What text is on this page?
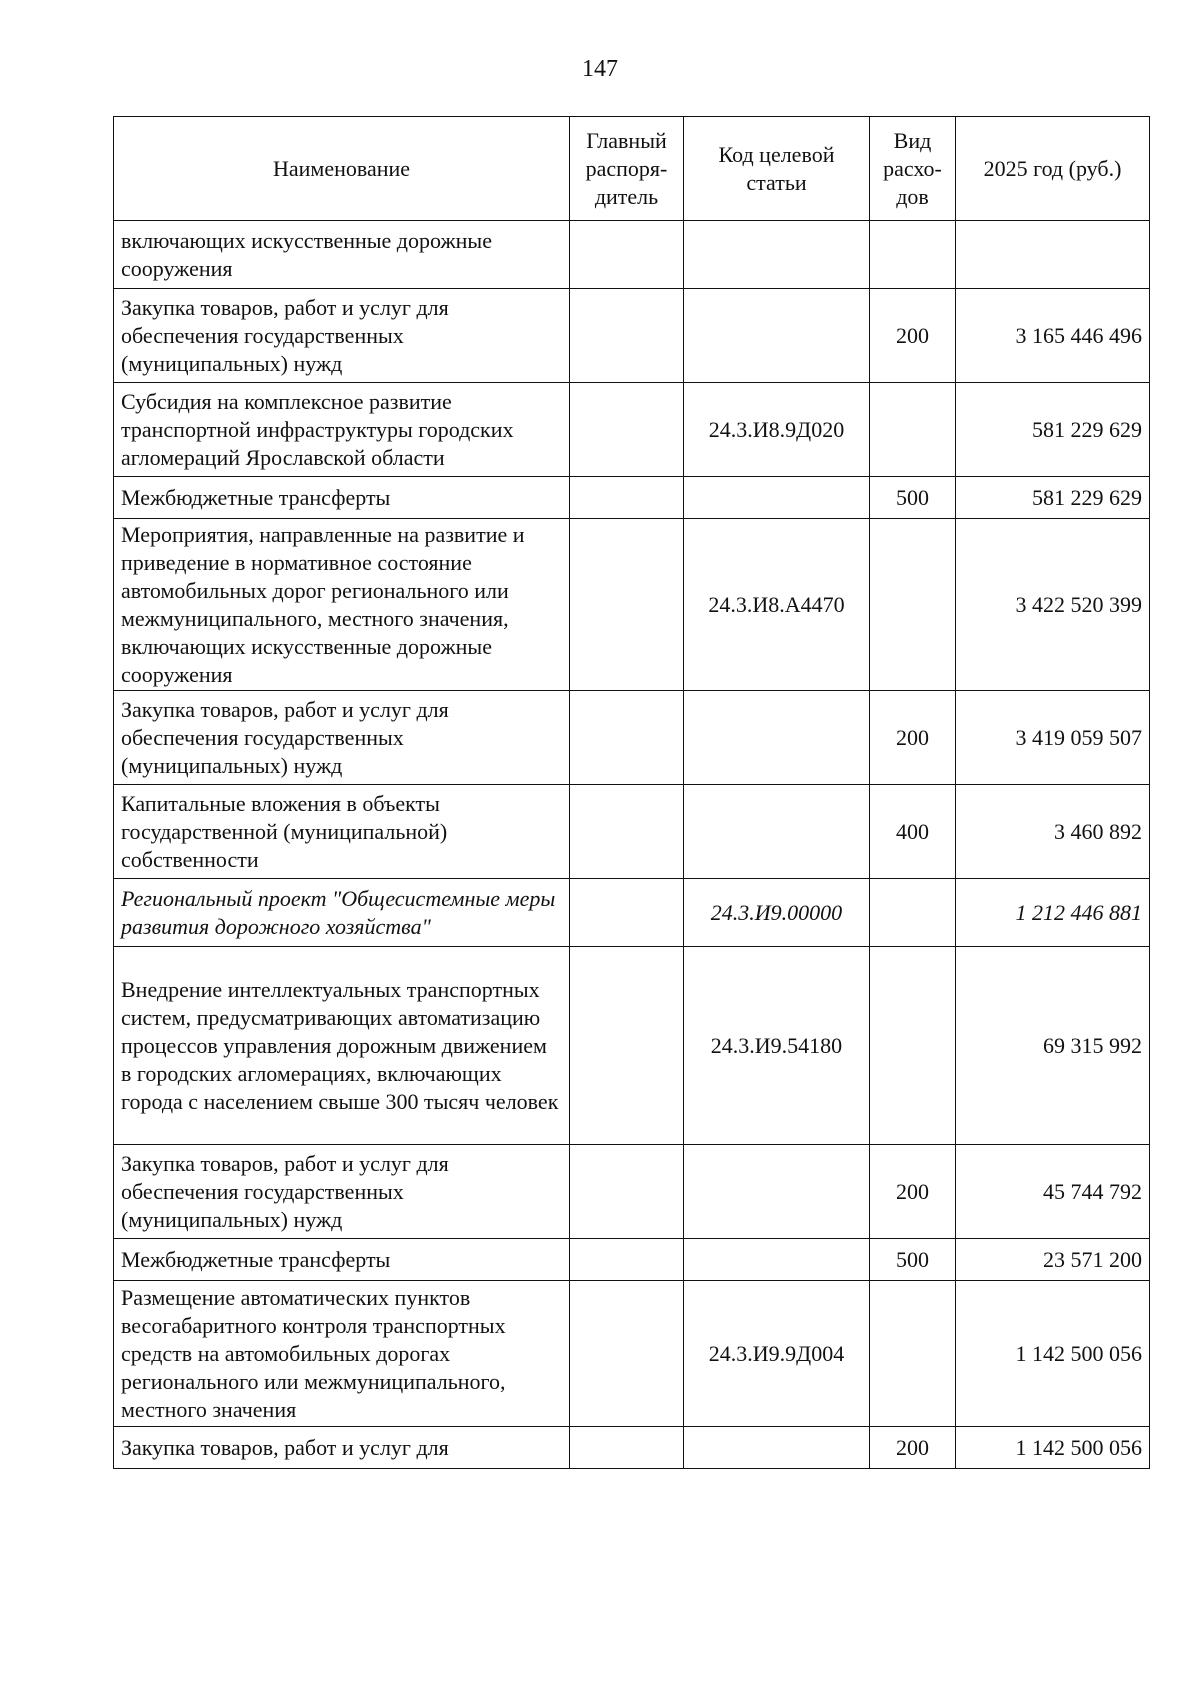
147
Наименование	Главный распоря-дитель	Код целевой статьи	Вид расхо-дов	2025 год (руб.)
включающих искусственные дорожные сооружения				
Закупка товаров, работ и услуг для обеспечения государственных (муниципальных) нужд			200	3 165 446 496
Субсидия на комплексное развитие транспортной инфраструктуры городских агломераций Ярославской области		24.3.И8.9Д020		581 229 629
Межбюджетные трансферты			500	581 229 629
Мероприятия, направленные на развитие и приведение в нормативное состояние автомобильных дорог регионального или межмуниципального, местного значения, включающих искусственные дорожные сооружения		24.3.И8.А4470		3 422 520 399
Закупка товаров, работ и услуг для обеспечения государственных (муниципальных) нужд			200	3 419 059 507
Капитальные вложения в объекты государственной (муниципальной) собственности			400	3 460 892
Региональный проект "Общесистемные меры развития дорожного хозяйства"		24.3.И9.00000		1 212 446 881
Внедрение интеллектуальных транспортных систем, предусматривающих автоматизацию процессов управления дорожным движением в городских агломерациях, включающих города с населением свыше 300 тысяч человек		24.3.И9.54180		69 315 992
Закупка товаров, работ и услуг для обеспечения государственных (муниципальных) нужд			200	45 744 792
Межбюджетные трансферты			500	23 571 200
Размещение автоматических пунктов весогабаритного контроля транспортных средств на автомобильных дорогах регионального или межмуниципального, местного значения		24.3.И9.9Д004		1 142 500 056
Закупка товаров, работ и услуг для			200	1 142 500 056
